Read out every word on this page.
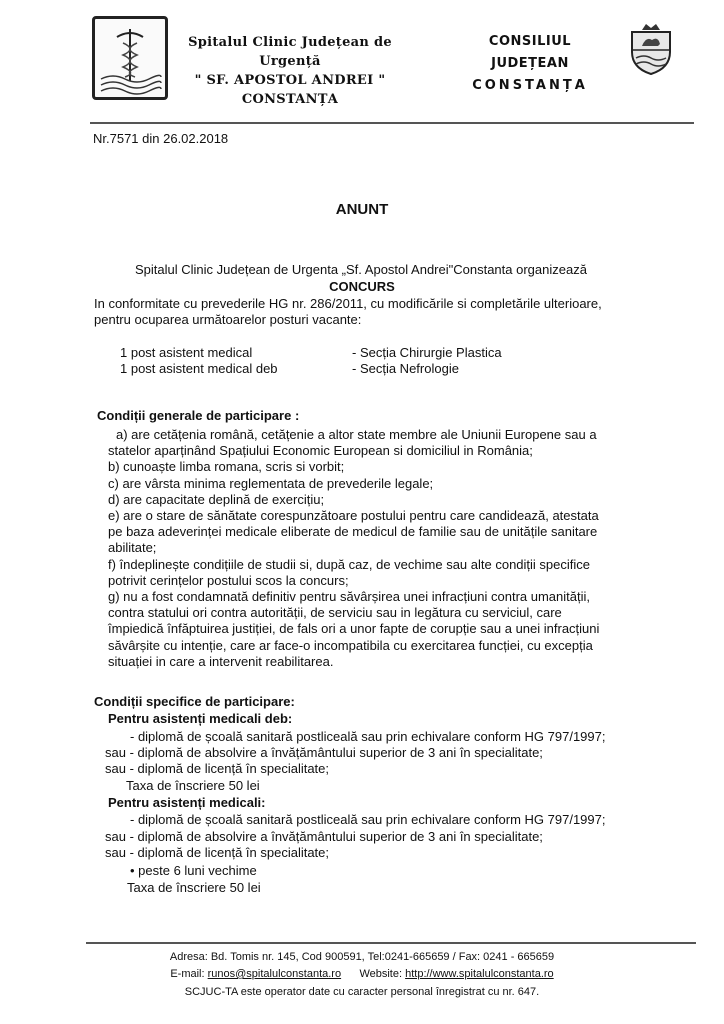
Spitalul Clinic Județean de Urgență
" SF. APOSTOL ANDREI " CONSTANȚA
CONSILIUL JUDEȚEAN
CONSTANȚA
Nr.7571 din 26.02.2018
ANUNT
Spitalul Clinic Județean de Urgenta „Sf. Apostol Andrei"Constanta organizează
CONCURS
In conformitate cu prevederile HG nr. 286/2011, cu modificările si completările ulterioare,
pentru ocuparea următoarelor posturi vacante:
1 post asistent medical	- Secția Chirurgie Plastica
1 post asistent medical deb	- Secția Nefrologie
Condiții generale de participare :
a) are cetățenia română, cetățenie a altor state membre ale Uniunii Europene sau a
statelor aparținând Spațiului Economic European si domiciliul in România;
b) cunoaște limba romana, scris si vorbit;
c) are vârsta minima reglementata de prevederile legale;
d) are capacitate deplină de exercițiu;
e) are o stare de sănătate corespunzătoare postului pentru care candidează, atestata
pe baza adeverinței medicale eliberate de medicul de familie sau de unitățile sanitare
abilitate;
f) îndeplinește condițiile de studii si, după caz, de vechime sau alte condiții specifice
potrivit cerințelor postului scos la concurs;
g) nu a fost condamnată definitiv pentru săvârșirea unei infracțiuni contra umanității,
contra statului ori contra autorității, de serviciu sau in legătura cu serviciul, care
împiedică înfăptuirea justiției, de fals ori a unor fapte de corupție sau a unei infracțiuni
săvârșite cu intenție, care ar face-o incompatibila cu exercitarea funcției, cu excepția
situației in care a intervenit reabilitarea.
Condiții specifice de participare:
Pentru asistenți medicali deb:
- diplomă de școală sanitară postliceală sau prin echivalare conform HG 797/1997;
sau - diplomă de absolvire a învățământului superior de 3 ani în specialitate;
sau - diplomă de licență în specialitate;
Taxa de înscriere 50 lei
Pentru asistenți medicali:
- diplomă de școală sanitară postliceală sau prin echivalare conform HG 797/1997;
sau - diplomă de absolvire a învățământului superior de 3 ani în specialitate;
sau - diplomă de licență în specialitate;
• peste 6 luni vechime
Taxa de înscriere 50 lei
Adresa: Bd. Tomis nr. 145, Cod 900591, Tel:0241-665659 / Fax: 0241 - 665659
E-mail: runos@spitalulconstanta.ro Website: http://www.spitalulconstanta.ro
SCJUC-TA este operator date cu caracter personal înregistrat cu nr. 647.
